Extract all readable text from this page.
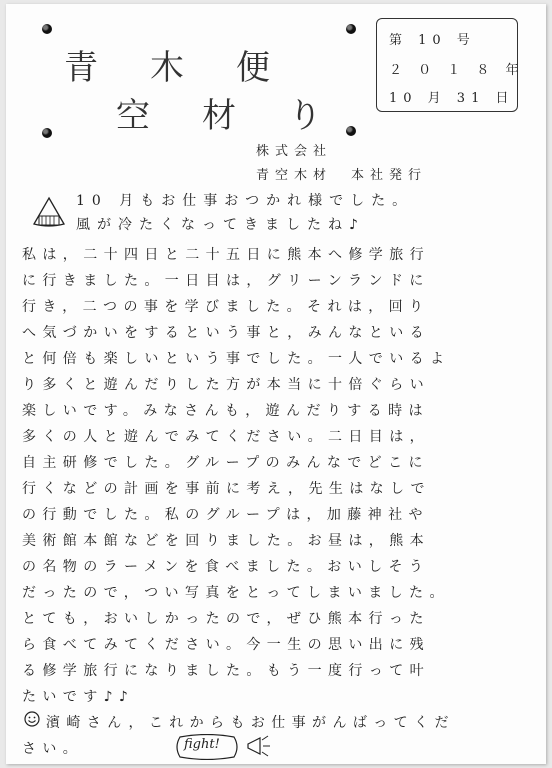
青木便
空材り
第 10 号
２ ０ １ ８ 年
10 月 31 日
株式会社
青空木材　本社発行
10 月もお仕事おつかれ様でした。
風が冷たくなってきましたね♪
私は，二十四日と二十五日に熊本へ修学旅行
に行きました。一日目は，グリーンランドに
行き，二つの事を学びました。それは，回り
へ気づかいをするという事と，みんなといる
と何倍も楽しいという事でした。一人でいるよ
り多くと遊んだりした方が本当に十倍ぐらい
楽しいです。みなさんも，遊んだりする時は
多くの人と遊んでみてください。二日目は，
自主研修でした。グループのみんなでどこに
行くなどの計画を事前に考え，先生はなしで
の行動でした。私のグループは，加藤神社や
美術館本館などを回りました。お昼は，熊本
の名物のラーメンを食べました。おいしそう
だったので，つい写真をとってしまいました。
とても，おいしかったので，ぜひ熊本行った
ら食べてみてください。今一生の思い出に残
る修学旅行になりました。もう一度行って叶
たいです♪♪
濱崎さん，これからもお仕事がんばってくだ
さい。	fight!
